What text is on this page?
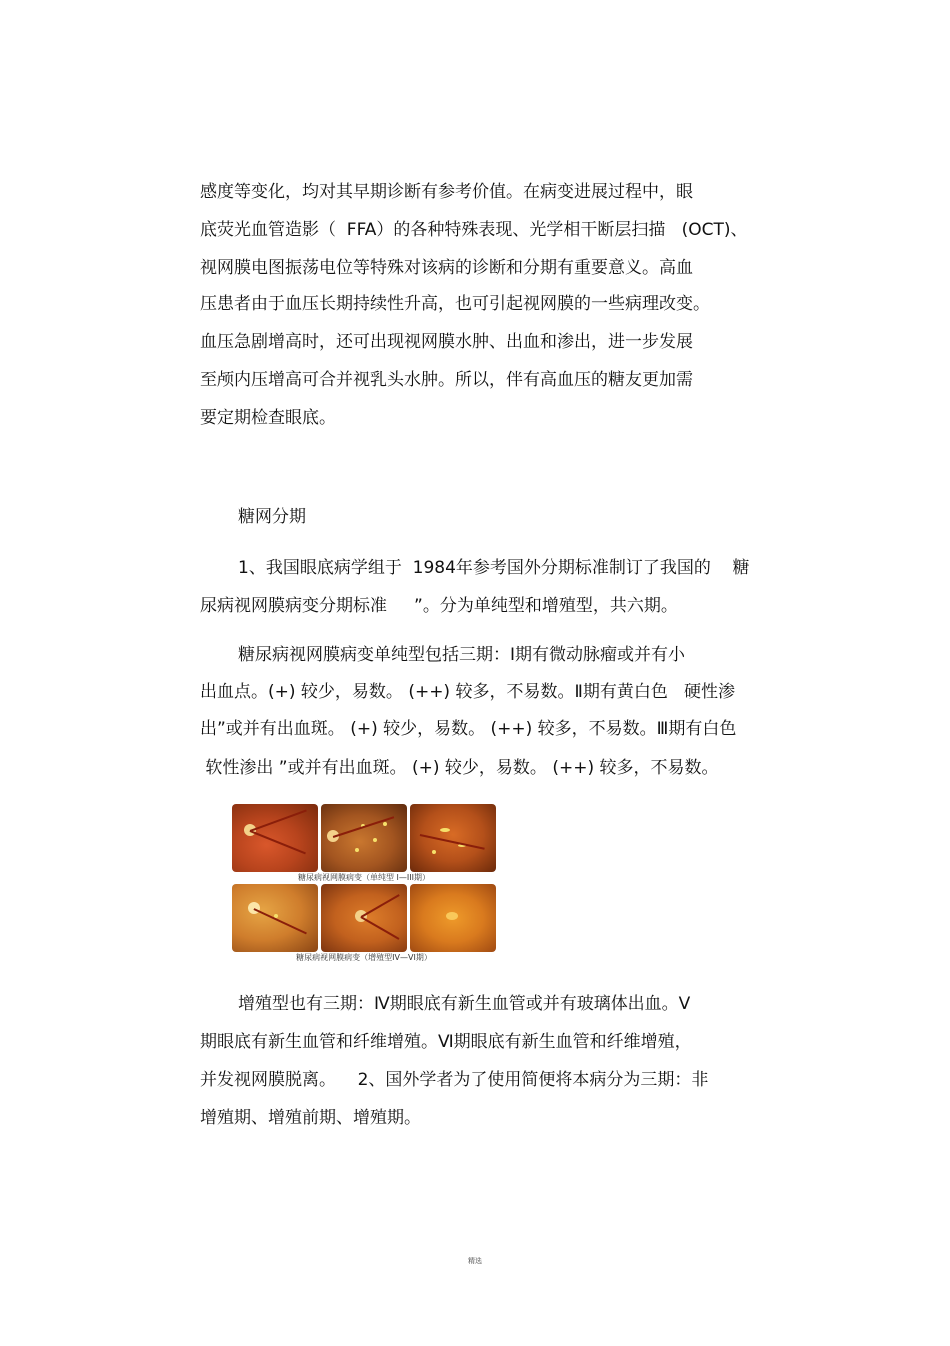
感度等变化，均对其早期诊断有参考价值。在病变进展过程中，眼
底荧光血管造影（  FFA）的各种特殊表现、光学相干断层扫描   (OCT)、
视网膜电图振荡电位等特殊对该病的诊断和分期有重要意义。高血
压患者由于血压长期持续性升高，也可引起视网膜的一些病理改变。
血压急剧增高时，还可出现视网膜水肿、出血和渗出，进一步发展
至颅内压增高可合并视乳头水肿。所以，伴有高血压的糖友更加需
要定期检查眼底。
糖网分期
1、我国眼底病学组于  1984年参考国外分期标准制订了我国的    糖
尿病视网膜病变分期标准     ”。分为单纯型和增殖型，共六期。
糖尿病视网膜病变单纯型包括三期：Ⅰ期有微动脉瘤或并有小
出血点。(+) 较少，易数。 (++) 较多，不易数。Ⅱ期有黄白色   硬性渗
出”或并有出血斑。 (+) 较少，易数。 (++) 较多，不易数。Ⅲ期有白色
软性渗出 ”或并有出血斑。 (+) 较少，易数。 (++) 较多，不易数。
糖尿病视网膜病变（单纯型 I—III期）
糖尿病视网膜病变（增殖型IV—VI期）
增殖型也有三期：Ⅳ期眼底有新生血管或并有玻璃体出血。Ⅴ
期眼底有新生血管和纤维增殖。Ⅵ期眼底有新生血管和纤维增殖，
并发视网膜脱离。    2、国外学者为了使用简便将本病分为三期：非
增殖期、增殖前期、增殖期。
精选
